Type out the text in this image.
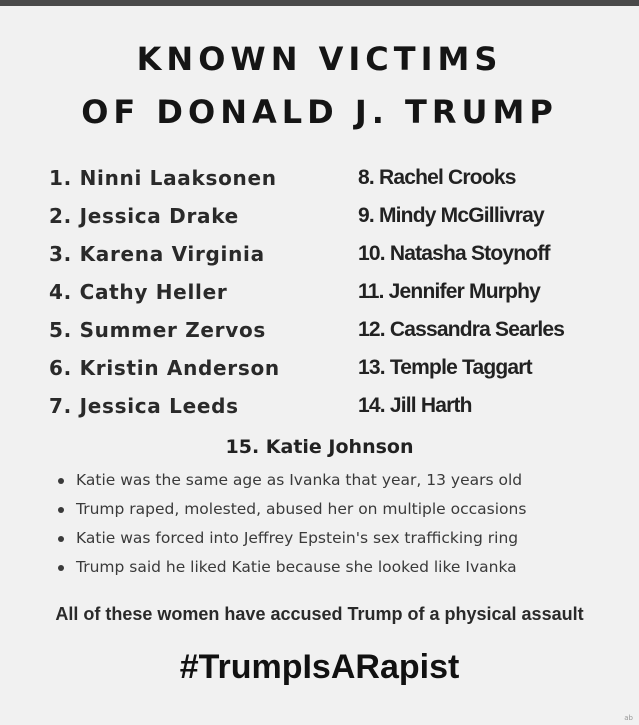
KNOWN VICTIMS
OF DONALD J. TRUMP
1. Ninni Laaksonen
2. Jessica Drake
3. Karena Virginia
4. Cathy Heller
5. Summer Zervos
6. Kristin Anderson
7. Jessica Leeds
8. Rachel Crooks
9. Mindy McGillivray
10. Natasha Stoynoff
11. Jennifer Murphy
12. Cassandra Searles
13. Temple Taggart
14. Jill Harth
15. Katie Johnson
Katie was the same age as Ivanka that year, 13 years old
Trump raped, molested, abused her on multiple occasions
Katie was forced into Jeffrey Epstein's sex trafficking ring
Trump said he liked Katie because she looked like Ivanka
All of these women have accused Trump of a physical assault
#TrumpIsARapist
ab
